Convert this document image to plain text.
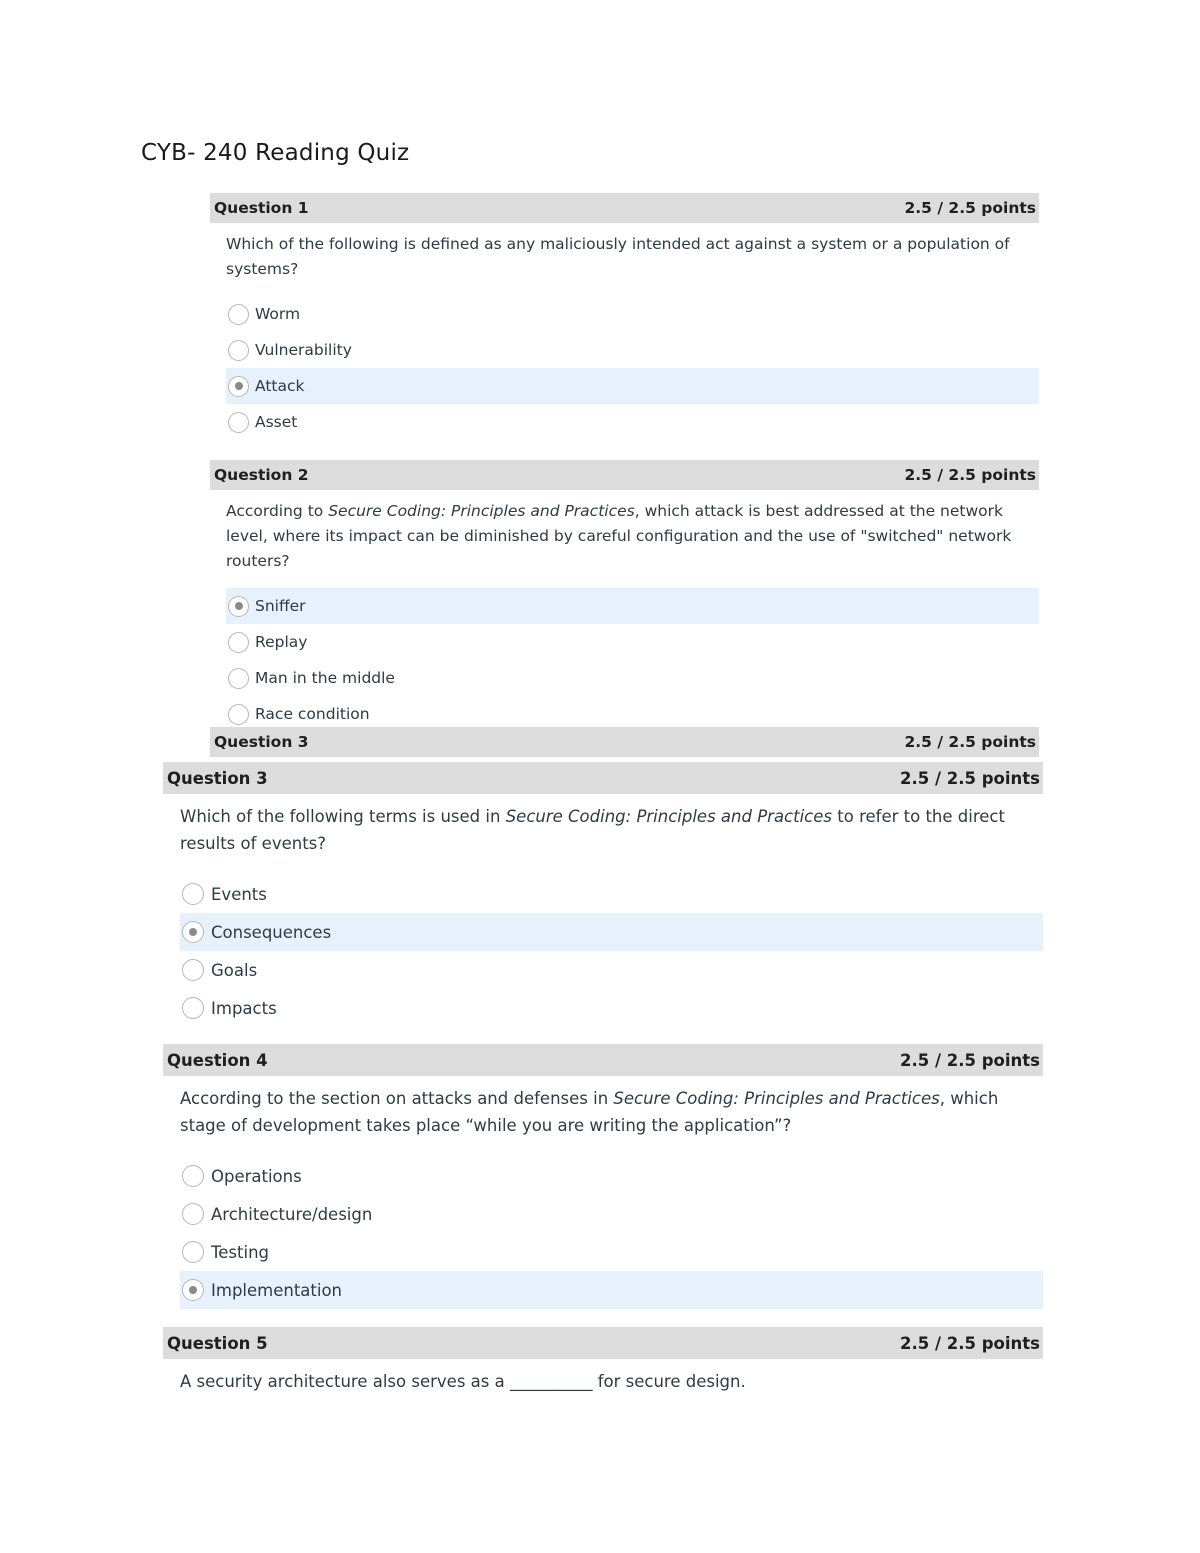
CYB- 240 Reading Quiz
Question 1	2.5 / 2.5 points
Which of the following is defined as any maliciously intended act against a system or a population of systems?
Worm
Vulnerability
Attack
Asset
Question 2	2.5 / 2.5 points
According to Secure Coding: Principles and Practices, which attack is best addressed at the network level, where its impact can be diminished by careful configuration and the use of "switched" network routers?
Sniffer
Replay
Man in the middle
Race condition
Question 3	2.5 / 2.5 points
Question 3	2.5 / 2.5 points
Which of the following terms is used in Secure Coding: Principles and Practices to refer to the direct results of events?
Events
Consequences
Goals
Impacts
Question 4	2.5 / 2.5 points
According to the section on attacks and defenses in Secure Coding: Principles and Practices, which stage of development takes place “while you are writing the application”?
Operations
Architecture/design
Testing
Implementation
Question 5	2.5 / 2.5 points
A security architecture also serves as a __________ for secure design.
